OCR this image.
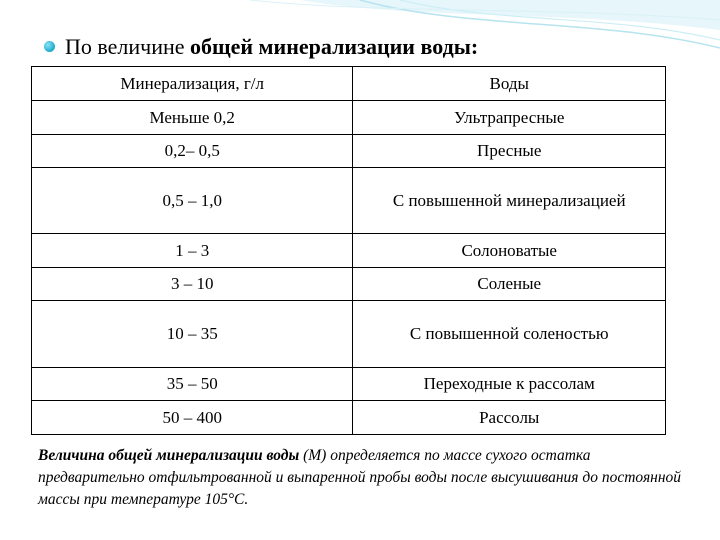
По величине общей минерализации воды:
Минерализация, г/л	Воды
Меньше 0,2	Ультрапресные
0,2– 0,5	Пресные
0,5 – 1,0	С повышенной минерализацией
1 – 3	Солоноватые
3 – 10	Соленые
10 – 35	С повышенной соленостью
35 – 50	Переходные к рассолам
50 – 400	Рассолы
Величина общей минерализации воды (М) определяется по массе сухого остатка предварительно отфильтрованной и выпаренной пробы воды после высушивания до постоянной массы при температуре 105°С.
